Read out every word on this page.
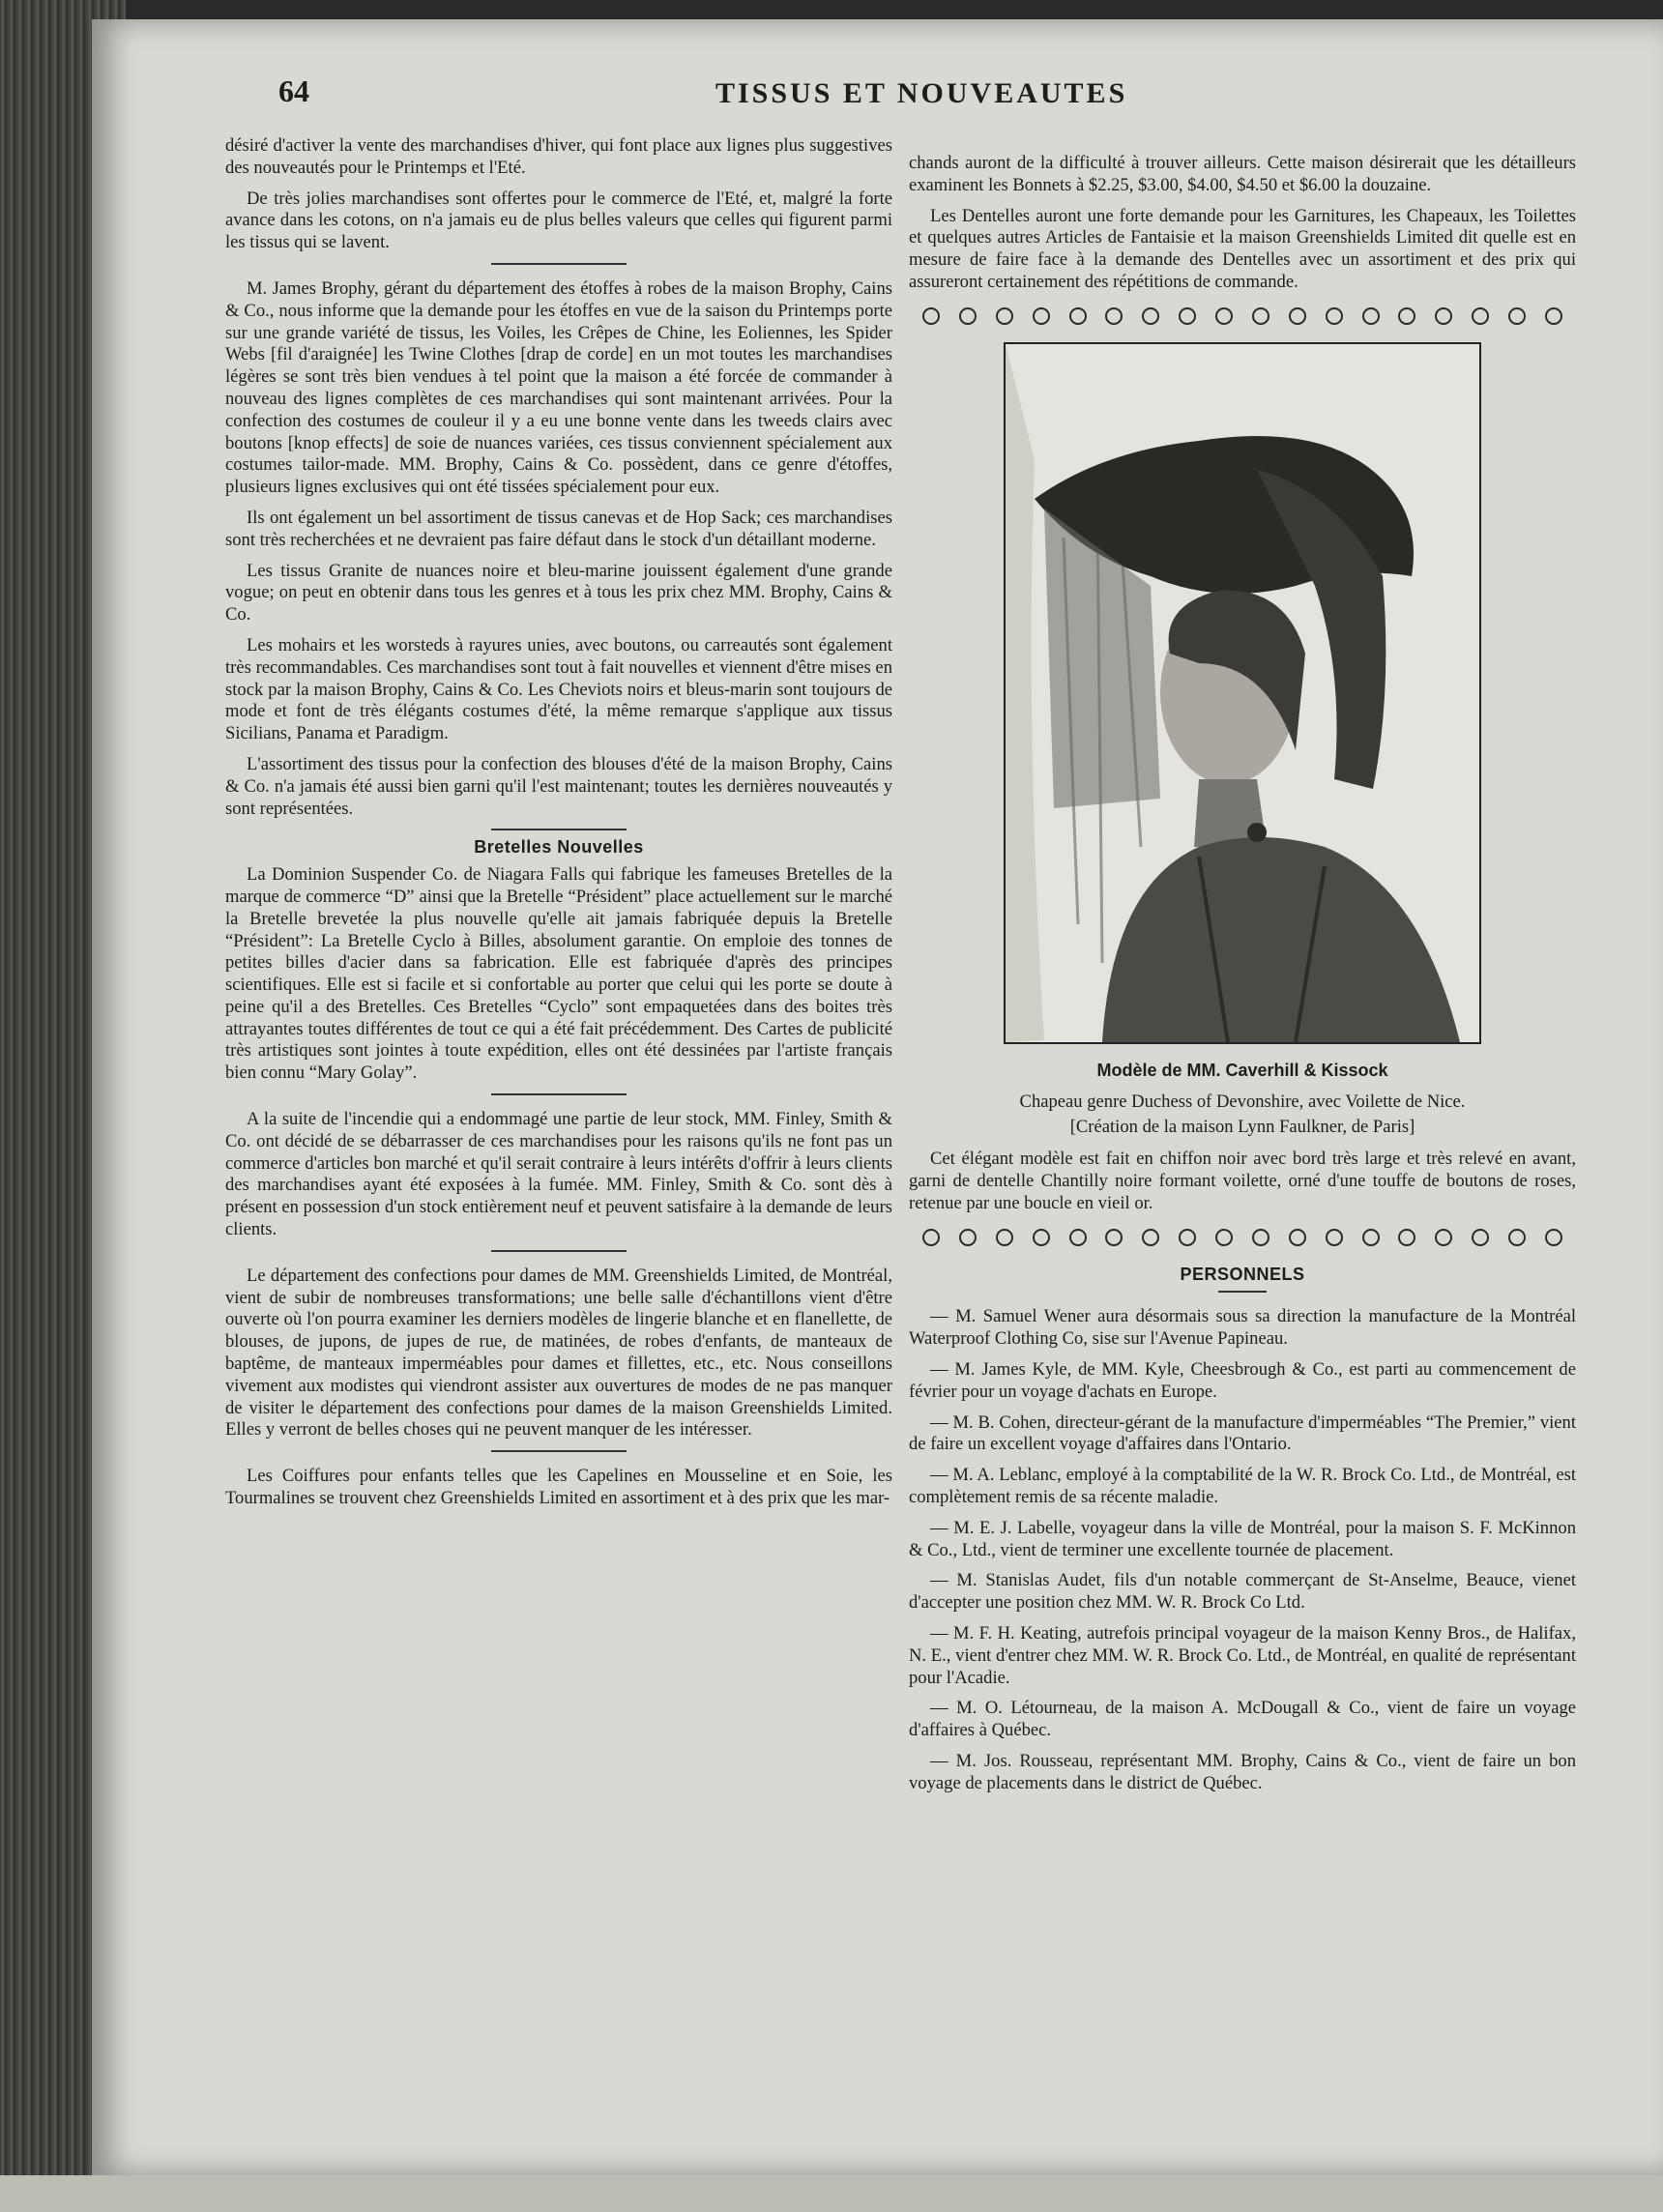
64	TISSUS ET NOUVEAUTES

désiré d'activer la vente des marchandises d'hiver, qui font place aux lignes plus suggestives des nouveautés pour le Printemps et l'Eté.

De très jolies marchandises sont offertes pour le commerce de l'Eté, et, malgré la forte avance dans les cotons, on n'a jamais eu de plus belles valeurs que celles qui figurent parmi les tissus qui se lavent.

M. James Brophy, gérant du département des étoffes à robes de la maison Brophy, Cains & Co., nous informe que la demande pour les étoffes en vue de la saison du Printemps porte sur une grande variété de tissus, les Voiles, les Crêpes de Chine, les Eoliennes, les Spider Webs [fil d'araignée] les Twine Clothes [drap de corde] en un mot toutes les marchandises légères se sont très bien vendues à tel point que la maison a été forcée de commander à nouveau des lignes complètes de ces marchandises qui sont maintenant arrivées. Pour la confection des costumes de couleur il y a eu une bonne vente dans les tweeds clairs avec boutons [knop effects] de soie de nuances variées, ces tissus conviennent spécialement aux costumes tailor-made. MM. Brophy, Cains & Co. possèdent, dans ce genre d'étoffes, plusieurs lignes exclusives qui ont été tissées spécialement pour eux.

Ils ont également un bel assortiment de tissus canevas et de Hop Sack; ces marchandises sont très recherchées et ne devraient pas faire défaut dans le stock d'un détaillant moderne.

Les tissus Granite de nuances noire et bleu-marine jouissent également d'une grande vogue; on peut en obtenir dans tous les genres et à tous les prix chez MM. Brophy, Cains & Co.

Les mohairs et les worsteds à rayures unies, avec boutons, ou carreautés sont également très recommandables. Ces marchandises sont tout à fait nouvelles et viennent d'être mises en stock par la maison Brophy, Cains & Co. Les Cheviots noirs et bleus-marin sont toujours de mode et font de très élégants costumes d'été, la même remarque s'applique aux tissus Sicilians, Panama et Paradigm.

L'assortiment des tissus pour la confection des blouses d'été de la maison Brophy, Cains & Co. n'a jamais été aussi bien garni qu'il l'est maintenant; toutes les dernières nouveautés y sont représentées.

Bretelles Nouvelles

La Dominion Suspender Co. de Niagara Falls qui fabrique les fameuses Bretelles de la marque de commerce “D” ainsi que la Bretelle “Président” place actuellement sur le marché la Bretelle brevetée la plus nouvelle qu'elle ait jamais fabriquée depuis la Bretelle “Président”: La Bretelle Cyclo à Billes, absolument garantie. On emploie des tonnes de petites billes d'acier dans sa fabrication. Elle est fabriquée d'après des principes scientifiques. Elle est si facile et si confortable au porter que celui qui les porte se doute à peine qu'il a des Bretelles. Ces Bretelles “Cyclo” sont empaquetées dans des boites très attrayantes toutes différentes de tout ce qui a été fait précédemment. Des Cartes de publicité très artistiques sont jointes à toute expédition, elles ont été dessinées par l'artiste français bien connu “Mary Golay”.

A la suite de l'incendie qui a endommagé une partie de leur stock, MM. Finley, Smith & Co. ont décidé de se débarrasser de ces marchandises pour les raisons qu'ils ne font pas un commerce d'articles bon marché et qu'il serait contraire à leurs intérêts d'offrir à leurs clients des marchandises ayant été exposées à la fumée. MM. Finley, Smith & Co. sont dès à présent en possession d'un stock entièrement neuf et peuvent satisfaire à la demande de leurs clients.

Le département des confections pour dames de MM. Greenshields Limited, de Montréal, vient de subir de nombreuses transformations; une belle salle d'échantillons vient d'être ouverte où l'on pourra examiner les derniers modèles de lingerie blanche et en flanellette, de blouses, de jupons, de jupes de rue, de matinées, de robes d'enfants, de manteaux de baptême, de manteaux imperméables pour dames et fillettes, etc., etc. Nous conseillons vivement aux modistes qui viendront assister aux ouvertures de modes de ne pas manquer de visiter le département des confections pour dames de la maison Greenshields Limited. Elles y verront de belles choses qui ne peuvent manquer de les intéresser.

Les Coiffures pour enfants telles que les Capelines en Mousseline et en Soie, les Tourmalines se trouvent chez Greenshields Limited en assortiment et à des prix que les mar-

chands auront de la difficulté à trouver ailleurs. Cette maison désirerait que les détailleurs examinent les Bonnets à $2.25, $3.00, $4.00, $4.50 et $6.00 la douzaine.

Les Dentelles auront une forte demande pour les Garnitures, les Chapeaux, les Toilettes et quelques autres Articles de Fantaisie et la maison Greenshields Limited dit quelle est en mesure de faire face à la demande des Dentelles avec un assortiment et des prix qui assureront certainement des répétitions de commande.

Modèle de MM. Caverhill & Kissock

Chapeau genre Duchess of Devonshire, avec Voilette de Nice.

[Création de la maison Lynn Faulkner, de Paris]

Cet élégant modèle est fait en chiffon noir avec bord très large et très relevé en avant, garni de dentelle Chantilly noire formant voilette, orné d'une touffe de boutons de roses, retenue par une boucle en vieil or.

PERSONNELS

— M. Samuel Wener aura désormais sous sa direction la manufacture de la Montréal Waterproof Clothing Co, sise sur l'Avenue Papineau.

— M. James Kyle, de MM. Kyle, Cheesbrough & Co., est parti au commencement de février pour un voyage d'achats en Europe.

— M. B. Cohen, directeur-gérant de la manufacture d'imperméables “The Premier,” vient de faire un excellent voyage d'affaires dans l'Ontario.

— M. A. Leblanc, employé à la comptabilité de la W. R. Brock Co. Ltd., de Montréal, est complètement remis de sa récente maladie.

— M. E. J. Labelle, voyageur dans la ville de Montréal, pour la maison S. F. McKinnon & Co., Ltd., vient de terminer une excellente tournée de placement.

— M. Stanislas Audet, fils d'un notable commerçant de St-Anselme, Beauce, vienet d'accepter une position chez MM. W. R. Brock Co Ltd.

— M. F. H. Keating, autrefois principal voyageur de la maison Kenny Bros., de Halifax, N. E., vient d'entrer chez MM. W. R. Brock Co. Ltd., de Montréal, en qualité de représentant pour l'Acadie.

— M. O. Létourneau, de la maison A. McDougall & Co., vient de faire un voyage d'affaires à Québec.

— M. Jos. Rousseau, représentant MM. Brophy, Cains & Co., vient de faire un bon voyage de placements dans le district de Québec.
